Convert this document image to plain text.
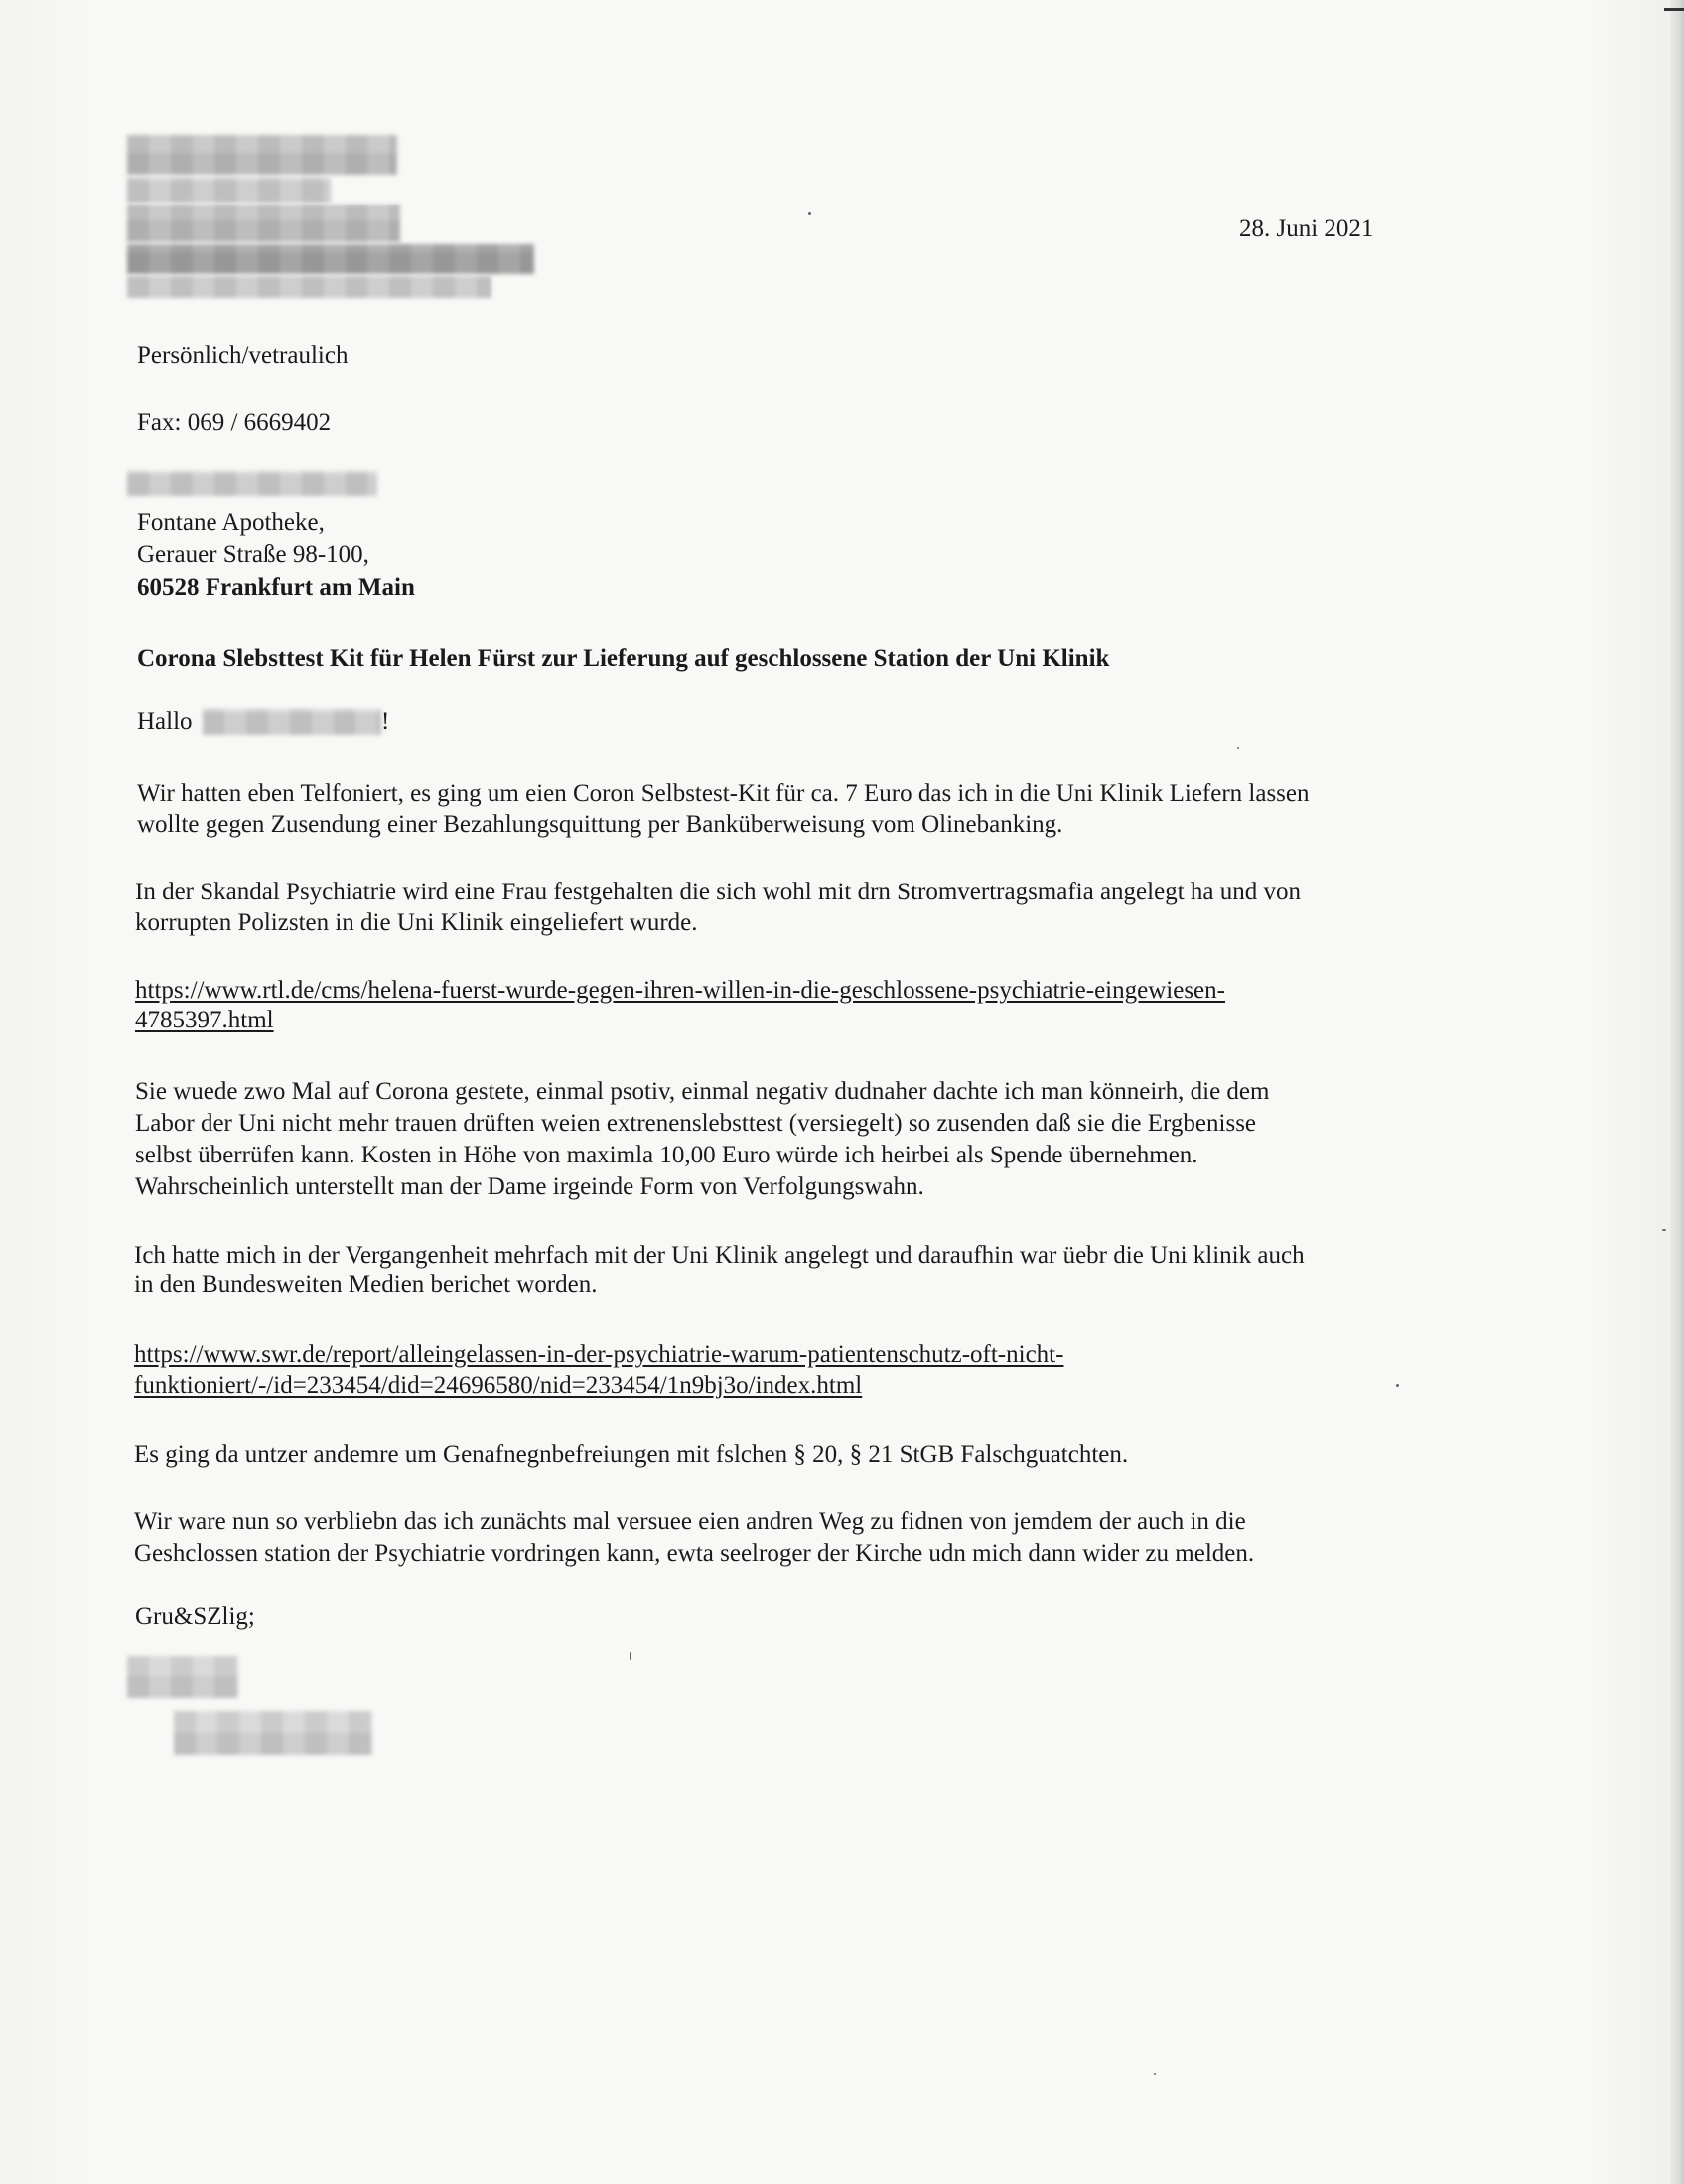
28. Juni 2021
Persönlich/vetraulich
Fax: 069 / 6669402
Fontane Apotheke,
Gerauer Straße 98-100,
60528 Frankfurt am Main
Corona Slebsttest Kit für Helen Fürst zur Lieferung auf geschlossene Station der Uni Klinik
Hallo	!
Wir hatten eben Telfoniert, es ging um eien Coron Selbstest-Kit für ca. 7 Euro das ich in die Uni Klinik Liefern lassen
wollte gegen Zusendung einer Bezahlungsquittung per Banküberweisung vom Olinebanking.
In der Skandal Psychiatrie wird eine Frau festgehalten die sich wohl mit drn Stromvertragsmafia angelegt ha und von
korrupten Polizsten in die Uni Klinik eingeliefert wurde.
https://www.rtl.de/cms/helena-fuerst-wurde-gegen-ihren-willen-in-die-geschlossene-psychiatrie-eingewiesen-
4785397.html
Sie wuede zwo Mal auf Corona gestete, einmal psotiv, einmal negativ dudnaher dachte ich man könneirh, die dem
Labor der Uni nicht mehr trauen drüften weien extrenenslebsttest (versiegelt) so zusenden daß sie die Ergbenisse
selbst überrüfen kann. Kosten in Höhe von maximla 10,00 Euro würde ich heirbei als Spende übernehmen.
Wahrscheinlich unterstellt man der Dame irgeinde Form von Verfolgungswahn.
Ich hatte mich in der Vergangenheit mehrfach mit der Uni Klinik angelegt und daraufhin war üebr die Uni klinik auch
in den Bundesweiten Medien berichet worden.
https://www.swr.de/report/alleingelassen-in-der-psychiatrie-warum-patientenschutz-oft-nicht-
funktioniert/-/id=233454/did=24696580/nid=233454/1n9bj3o/index.html
Es ging da untzer andemre um Genafnegnbefreiungen mit fslchen § 20, § 21 StGB Falschguatchten.
Wir ware nun so verbliebn das ich zunächts mal versuee eien andren Weg zu fidnen von jemdem der auch in die
Geshclossen station der Psychiatrie vordringen kann, ewta seelroger der Kirche udn mich dann wider zu melden.
Gru&SZlig;
